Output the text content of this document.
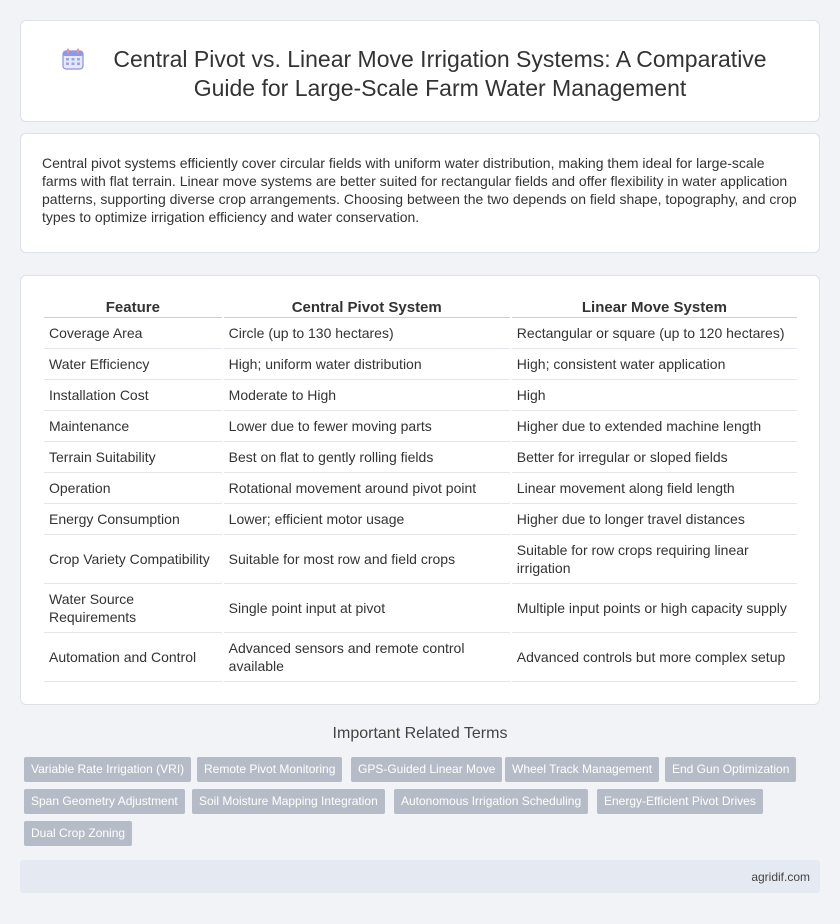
Central Pivot vs. Linear Move Irrigation Systems: A Comparative Guide for Large-Scale Farm Water Management

Central pivot systems efficiently cover circular fields with uniform water distribution, making them ideal for large-scale farms with flat terrain. Linear move systems are better suited for rectangular fields and offer flexibility in water application patterns, supporting diverse crop arrangements. Choosing between the two depends on field shape, topography, and crop types to optimize irrigation efficiency and water conservation.

Feature	Central Pivot System	Linear Move System
Coverage Area	Circle (up to 130 hectares)	Rectangular or square (up to 120 hectares)
Water Efficiency	High; uniform water distribution	High; consistent water application
Installation Cost	Moderate to High	High
Maintenance	Lower due to fewer moving parts	Higher due to extended machine length
Terrain Suitability	Best on flat to gently rolling fields	Better for irregular or sloped fields
Operation	Rotational movement around pivot point	Linear movement along field length
Energy Consumption	Lower; efficient motor usage	Higher due to longer travel distances
Crop Variety Compatibility	Suitable for most row and field crops	Suitable for row crops requiring linear irrigation
Water Source Requirements	Single point input at pivot	Multiple input points or high capacity supply
Automation and Control	Advanced sensors and remote control available	Advanced controls but more complex setup
Important Related Terms
Variable Rate Irrigation (VRI)	Remote Pivot Monitoring	GPS-Guided Linear Move	Wheel Track Management	End Gun Optimization
Span Geometry Adjustment	Soil Moisture Mapping Integration	Autonomous Irrigation Scheduling	Energy-Efficient Pivot Drives
Dual Crop Zoning
agridif.com
